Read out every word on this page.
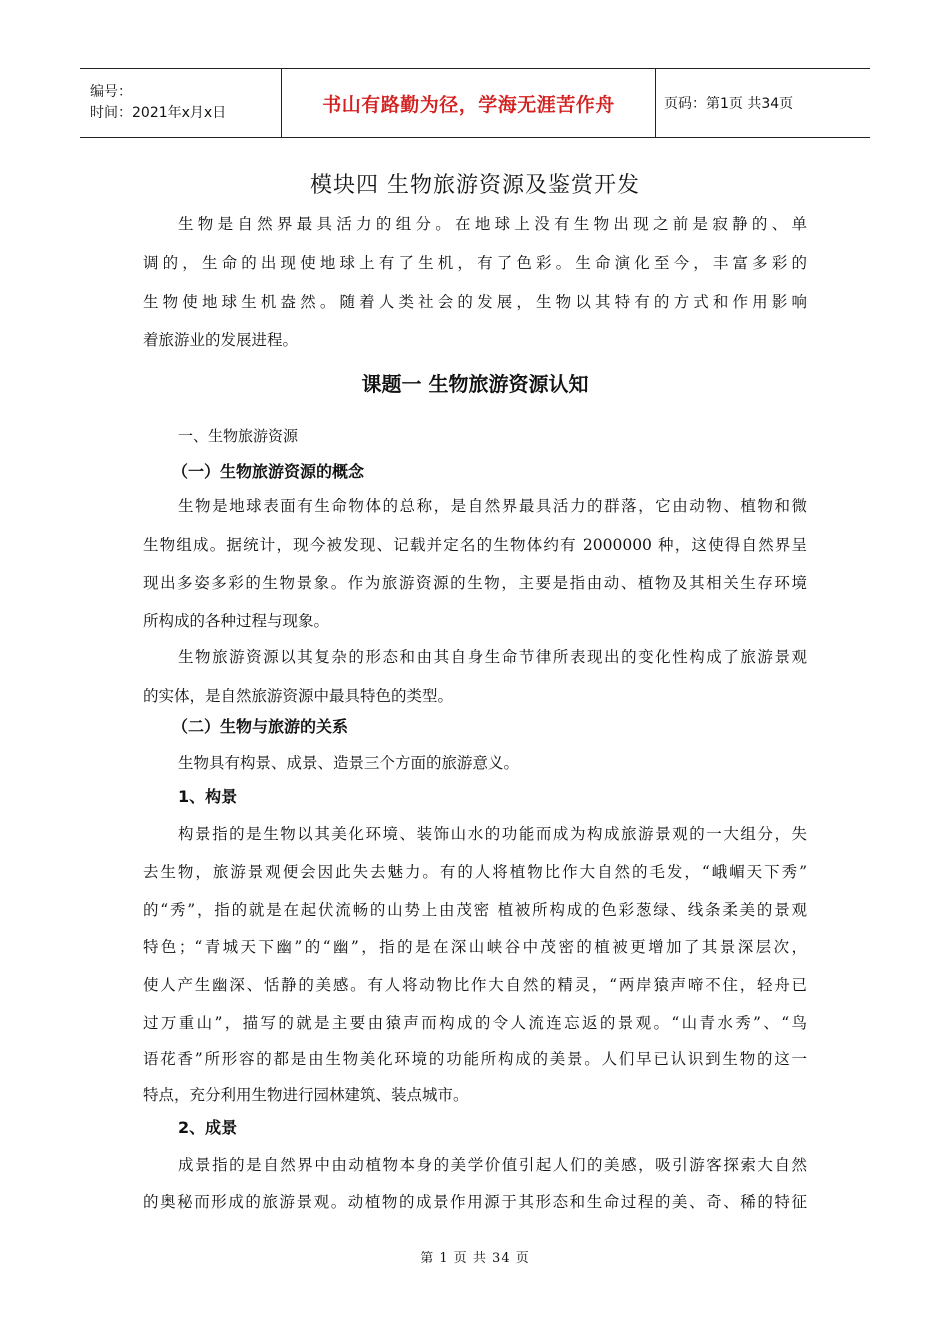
编号：
时间：2021年x月x日	书山有路勤为径，学海无涯苦作舟	页码：第1页 共34页
模块四 生物旅游资源及鉴赏开发
生物是自然界最具活力的组分。在地球上没有生物出现之前是寂静的、单
调的，生命的出现使地球上有了生机，有了色彩。生命演化至今，丰富多彩的
生物使地球生机盎然。随着人类社会的发展，生物以其特有的方式和作用影响
着旅游业的发展进程。
课题一 生物旅游资源认知
一、生物旅游资源
（一）生物旅游资源的概念
生物是地球表面有生命物体的总称，是自然界最具活力的群落，它由动物、植物和微
生物组成。据统计，现今被发现、记载并定名的生物体约有 2000000 种，这使得自然界呈
现出多姿多彩的生物景象。作为旅游资源的生物，主要是指由动、植物及其相关生存环境
所构成的各种过程与现象。
生物旅游资源以其复杂的形态和由其自身生命节律所表现出的变化性构成了旅游景观
的实体，是自然旅游资源中最具特色的类型。
（二）生物与旅游的关系
生物具有构景、成景、造景三个方面的旅游意义。
1、构景
构景指的是生物以其美化环境、装饰山水的功能而成为构成旅游景观的一大组分，失
去生物，旅游景观便会因此失去魅力。有的人将植物比作大自然的毛发，“峨嵋天下秀”
的“秀”，指的就是在起伏流畅的山势上由茂密 植被所构成的色彩葱绿、线条柔美的景观
特色；“青城天下幽”的“幽”，指的是在深山峡谷中茂密的植被更增加了其景深层次，
使人产生幽深、恬静的美感。有人将动物比作大自然的精灵，“两岸猿声啼不住，轻舟已
过万重山”，描写的就是主要由猿声而构成的令人流连忘返的景观。“山青水秀”、“鸟
语花香”所形容的都是由生物美化环境的功能所构成的美景。人们早已认识到生物的这一
特点，充分利用生物进行园林建筑、装点城市。
2、成景
成景指的是自然界中由动植物本身的美学价值引起人们的美感，吸引游客探索大自然
的奥秘而形成的旅游景观。动植物的成景作用源于其形态和生命过程的美、奇、稀的特征
第 1 页 共 34 页
